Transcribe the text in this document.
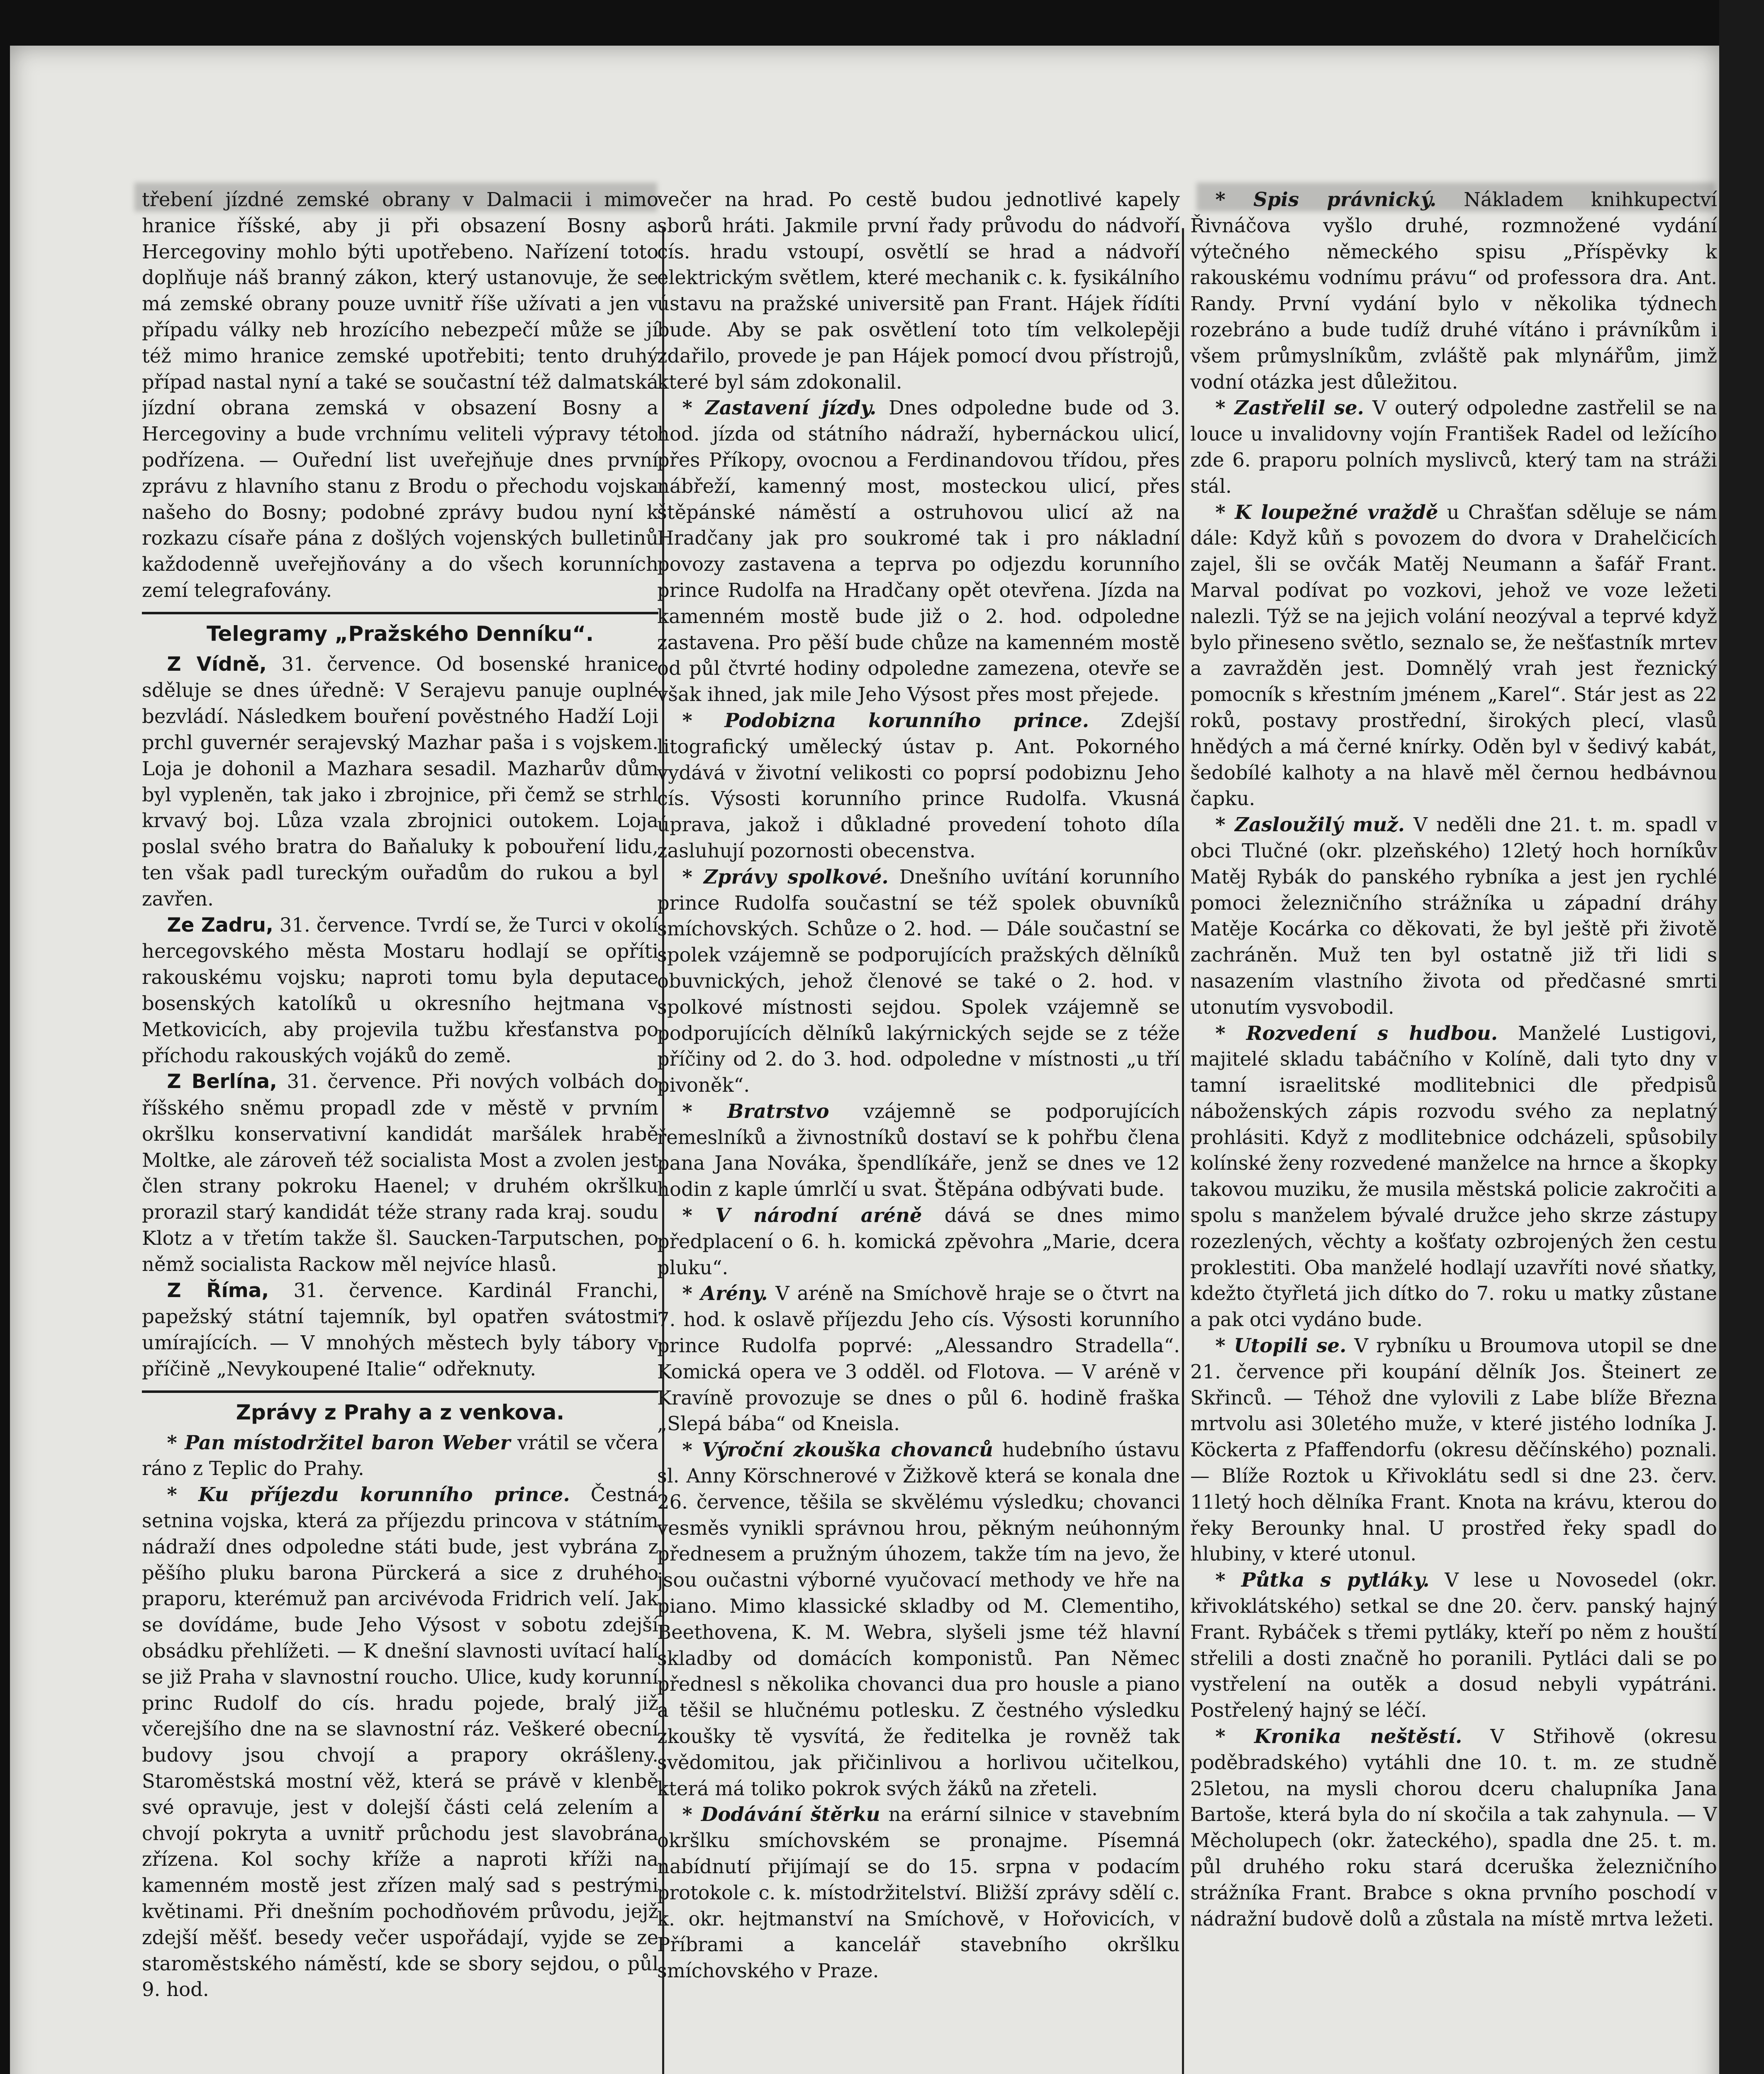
třebení jízdné zemské obrany v Dalmacii i mimo hranice říšské, aby ji při obsazení Bosny a Hercegoviny mohlo býti upotřebeno. Nařízení toto doplňuje náš branný zákon, který ustanovuje, že se má zemské obrany pouze uvnitř říše užívati a jen v případu války neb hrozícího nebezpečí může se jí též mimo hranice zemské upotřebiti; tento druhý případ nastal nyní a také se součastní též dalmatská jízdní obrana zemská v obsazení Bosny a Hercegoviny a bude vrchnímu veliteli výpravy této podřízena. — Ouřední list uveřejňuje dnes první zprávu z hlavního stanu z Brodu o přechodu vojska našeho do Bosny; podobné zprávy budou nyní k rozkazu císaře pána z došlých vojenských bulletinů každodenně uveřejňovány a do všech korunních zemí telegrafovány.

Telegramy „Pražského Denníku“.

Z Vídně, 31. července. Od bosenské hranice sděluje se dnes úředně: V Serajevu panuje ouplné bezvládí. Následkem bouření pověstného Hadží Loji prchl guvernér serajevský Mazhar paša i s vojskem. Loja je dohonil a Mazhara sesadil. Mazharův dům byl vypleněn, tak jako i zbrojnice, při čemž se strhl krvavý boj. Lůza vzala zbrojnici outokem. Loja poslal svého bratra do Baňaluky k pobouření lidu, ten však padl tureckým ouřadům do rukou a byl zavřen.

Ze Zadru, 31. července. Tvrdí se, že Turci v okolí hercegovského města Mostaru hodlají se opříti rakouskému vojsku; naproti tomu byla deputace bosenských katolíků u okresního hejtmana v Metkovicích, aby projevila tužbu křesťanstva po příchodu rakouských vojáků do země.

Z Berlína, 31. července. Při nových volbách do říšského sněmu propadl zde v městě v prvním okršlku konservativní kandidát maršálek hrabě Moltke, ale zároveň též socialista Most a zvolen jest člen strany pokroku Haenel; v druhém okršlku prorazil starý kandidát téže strany rada kraj. soudu Klotz a v třetím takže šl. Saucken-Tarputschen, po němž socialista Rackow měl nejvíce hlasů.

Z Říma, 31. července. Kardinál Franchi, papežský státní tajemník, byl opatřen svátostmi umírajících. — V mnohých městech byly tábory v příčině „Nevykoupené Italie“ odřeknuty.

Zprávy z Prahy a z venkova.

* Pan místodržitel baron Weber vrátil se včera ráno z Teplic do Prahy.

* Ku příjezdu korunního prince. Čestná setnina vojska, která za příjezdu princova v státním nádraží dnes odpoledne státi bude, jest vybrána z pěšího pluku barona Pürckerá a sice z druhého praporu, kterémuž pan arcivévoda Fridrich velí. Jak se dovídáme, bude Jeho Výsost v sobotu zdejší obsádku přehlížeti. — K dnešní slavnosti uvítací halí se již Praha v slavnostní roucho. Ulice, kudy korunní princ Rudolf do cís. hradu pojede, bralý již včerejšího dne na se slavnostní ráz. Veškeré obecní budovy jsou chvojí a prapory okrášleny. Staroměstská mostní věž, která se právě v klenbě své opravuje, jest v dolejší části celá zelením a chvojí pokryta a uvnitř průchodu jest slavobrána zřízena. Kol sochy kříže a naproti kříži na kamenném mostě jest zřízen malý sad s pestrými květinami. Při dnešním pochodňovém průvodu, jejž zdejší měšť. besedy večer uspořádají, vyjde se ze staroměstského náměstí, kde se sbory sejdou, o půl 9. hod.

večer na hrad. Po cestě budou jednotlivé kapely sborů hráti. Jakmile první řady průvodu do nádvoří cís. hradu vstoupí, osvětlí se hrad a nádvoří elektrickým světlem, které mechanik c. k. fysikálního ústavu na pražské universitě pan Frant. Hájek řídíti bude. Aby se pak osvětlení toto tím velkolepěji zdařilo, provede je pan Hájek pomocí dvou přístrojů, které byl sám zdokonalil.

* Zastavení jízdy. Dnes odpoledne bude od 3. hod. jízda od státního nádraží, hybernáckou ulicí, přes Příkopy, ovocnou a Ferdinandovou třídou, přes nábřeží, kamenný most, mosteckou ulicí, přes štěpánské náměstí a ostruhovou ulicí až na Hradčany jak pro soukromé tak i pro nákladní povozy zastavena a teprva po odjezdu korunního prince Rudolfa na Hradčany opět otevřena. Jízda na kamenném mostě bude již o 2. hod. odpoledne zastavena. Pro pěší bude chůze na kamenném mostě od půl čtvrté hodiny odpoledne zamezena, otevře se však ihned, jak mile Jeho Výsost přes most přejede.

* Podobizna korunního prince. Zdejší litografický umělecký ústav p. Ant. Pokorného vydává v životní velikosti co poprsí podobiznu Jeho cís. Výsosti korunního prince Rudolfa. Vkusná úprava, jakož i důkladné provedení tohoto díla zasluhují pozornosti obecenstva.

* Zprávy spolkové. Dnešního uvítání korunního prince Rudolfa součastní se též spolek obuvníků smíchovských. Schůze o 2. hod. — Dále součastní se spolek vzájemně se podporujících pražských dělníků obuvnických, jehož členové se také o 2. hod. v spolkové místnosti sejdou. Spolek vzájemně se podporujících dělníků lakýrnických sejde se z téže příčiny od 2. do 3. hod. odpoledne v místnosti „u tří pivoněk“.

* Bratrstvo vzájemně se podporujících řemeslníků a živnostníků dostaví se k pohřbu člena pana Jana Nováka, špendlíkáře, jenž se dnes ve 12 hodin z kaple úmrlčí u svat. Štěpána odbývati bude.

* V národní aréně dává se dnes mimo předplacení o 6. h. komická zpěvohra „Marie, dcera pluku“.

* Arény. V aréně na Smíchově hraje se o čtvrt na 7. hod. k oslavě příjezdu Jeho cís. Výsosti korunního prince Rudolfa poprvé: „Alessandro Stradella“. Komická opera ve 3 odděl. od Flotova. — V aréně v Kravíně provozuje se dnes o půl 6. hodině fraška „Slepá bába“ od Kneisla.

* Výroční zkouška chovanců hudebního ústavu sl. Anny Körschnerové v Žižkově která se konala dne 26. července, těšila se skvělému výsledku; chovanci vesměs vynikli správnou hrou, pěkným neúhonným přednesem a pružným úhozem, takže tím na jevo, že jsou oučastni výborné vyučovací methody ve hře na piano. Mimo klassické skladby od M. Clementiho, Beethovena, K. M. Webra, slyšeli jsme též hlavní skladby od domácích komponistů. Pan Němec přednesl s několika chovanci dua pro housle a piano a těšil se hlučnému potlesku. Z čestného výsledku zkoušky tě vysvítá, že ředitelka je rovněž tak svědomitou, jak přičinlivou a horlivou učitelkou, která má toliko pokrok svých žáků na zřeteli.

* Dodávání štěrku na erární silnice v stavebním okršlku smíchovském se pronajme. Písemná nabídnutí přijímají se do 15. srpna v podacím protokole c. k. místodržitelství. Bližší zprávy sdělí c. k. okr. hejtmanství na Smíchově, v Hořovicích, v Příbrami a kancelář stavebního okršlku smíchovského v Praze.

* Spis právnický. Nákladem knihkupectví Řivnáčova vyšlo druhé, rozmnožené vydání výtečného německého spisu „Příspěvky k rakouskému vodnímu právu“ od professora dra. Ant. Randy. První vydání bylo v několika týdnech rozebráno a bude tudíž druhé vítáno i právníkům i všem průmyslníkům, zvláště pak mlynářům, jimž vodní otázka jest důležitou.

* Zastřelil se. V outerý odpoledne zastřelil se na louce u invalidovny vojín František Radel od ležícího zde 6. praporu polních myslivců, který tam na stráži stál.

* K loupežné vraždě u Chrašťan sděluje se nám dále: Když kůň s povozem do dvora v Drahelčicích zajel, šli se ovčák Matěj Neumann a šafář Frant. Marval podívat po vozkovi, jehož ve voze ležeti nalezli. Týž se na jejich volání neozýval a teprvé když bylo přineseno světlo, seznalo se, že nešťastník mrtev a zavražděn jest. Domnělý vrah jest řeznický pomocník s křestním jménem „Karel“. Stár jest as 22 roků, postavy prostřední, širokých plecí, vlasů hnědých a má černé knírky. Oděn byl v šedivý kabát, šedobílé kalhoty a na hlavě měl černou hedbávnou čapku.

* Zasloužilý muž. V neděli dne 21. t. m. spadl v obci Tlučné (okr. plzeňského) 12letý hoch horníkův Matěj Rybák do panského rybníka a jest jen rychlé pomoci železničního strážníka u západní dráhy Matěje Kocárka co děkovati, že byl ještě při životě zachráněn. Muž ten byl ostatně již tři lidi s nasazením vlastního života od předčasné smrti utonutím vysvobodil.

* Rozvedení s hudbou. Manželé Lustigovi, majitelé skladu tabáčního v Kolíně, dali tyto dny v tamní israelitské modlitebnici dle předpisů náboženských zápis rozvodu svého za neplatný prohlásiti. Když z modlitebnice odcházeli, spůsobily kolínské ženy rozvedené manželce na hrnce a škopky takovou muziku, že musila městská policie zakročiti a spolu s manželem bývalé družce jeho skrze zástupy rozezlených, věchty a košťaty ozbrojených žen cestu proklestiti. Oba manželé hodlají uzavříti nové sňatky, kdežto čtyřletá jich dítko do 7. roku u matky zůstane a pak otci vydáno bude.

* Utopili se. V rybníku u Broumova utopil se dne 21. července při koupání dělník Jos. Šteinert ze Skřinců. — Téhož dne vylovili z Labe blíže Března mrtvolu asi 30letého muže, v které jistého lodníka J. Köckerta z Pfaffendorfu (okresu děčínského) poznali. — Blíže Roztok u Křivoklátu sedl si dne 23. červ. 11letý hoch dělníka Frant. Knota na krávu, kterou do řeky Berounky hnal. U prostřed řeky spadl do hlubiny, v které utonul.

* Půtka s pytláky. V lese u Novosedel (okr. křivoklátského) setkal se dne 20. červ. panský hajný Frant. Rybáček s třemi pytláky, kteří po něm z houští střelili a dosti značně ho poranili. Pytláci dali se po vystřelení na outěk a dosud nebyli vypátráni. Postřelený hajný se léčí.

* Kronika neštěstí. V Střihově (okresu poděbradského) vytáhli dne 10. t. m. ze studně 25letou, na mysli chorou dceru chalupníka Jana Bartoše, která byla do ní skočila a tak zahynula. — V Měcholupech (okr. žateckého), spadla dne 25. t. m. půl druhého roku stará dceruška železničního strážníka Frant. Brabce s okna prvního poschodí v nádražní budově dolů a zůstala na místě mrtva ležeti.
